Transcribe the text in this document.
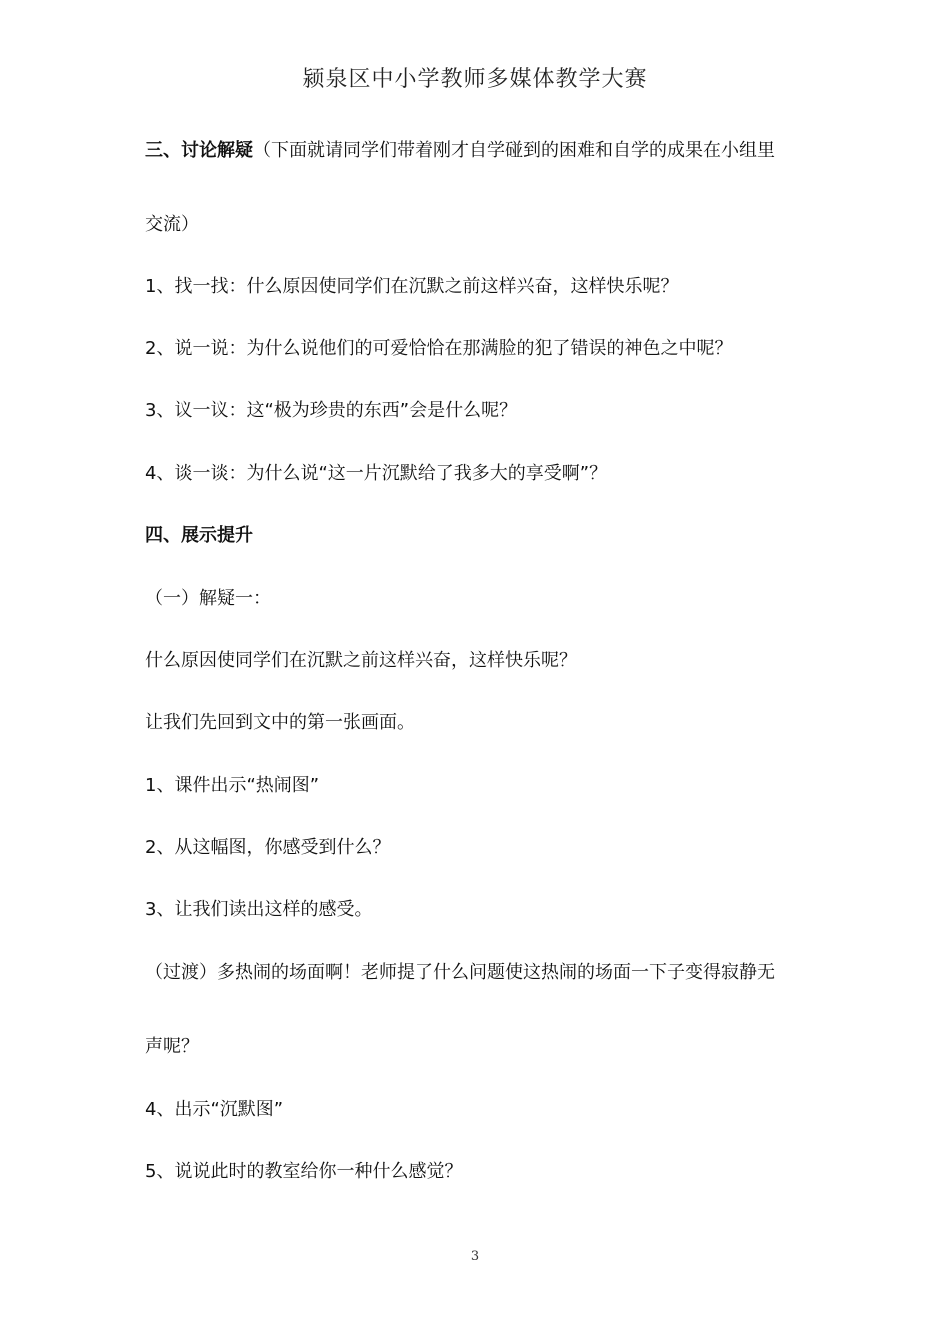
颍泉区中小学教师多媒体教学大赛
三、讨论解疑（下面就请同学们带着刚才自学碰到的困难和自学的成果在小组里
交流）
1、找一找：什么原因使同学们在沉默之前这样兴奋，这样快乐呢？
2、说一说：为什么说他们的可爱恰恰在那满脸的犯了错误的神色之中呢？
3、议一议：这“极为珍贵的东西”会是什么呢？
4、谈一谈：为什么说“这一片沉默给了我多大的享受啊”？
四、展示提升
（一）解疑一：
什么原因使同学们在沉默之前这样兴奋，这样快乐呢？
让我们先回到文中的第一张画面。
1、课件出示“热闹图”
2、从这幅图，你感受到什么？
3、让我们读出这样的感受。
（过渡）多热闹的场面啊！老师提了什么问题使这热闹的场面一下子变得寂静无
声呢？
4、出示“沉默图”
5、说说此时的教室给你一种什么感觉？
3
